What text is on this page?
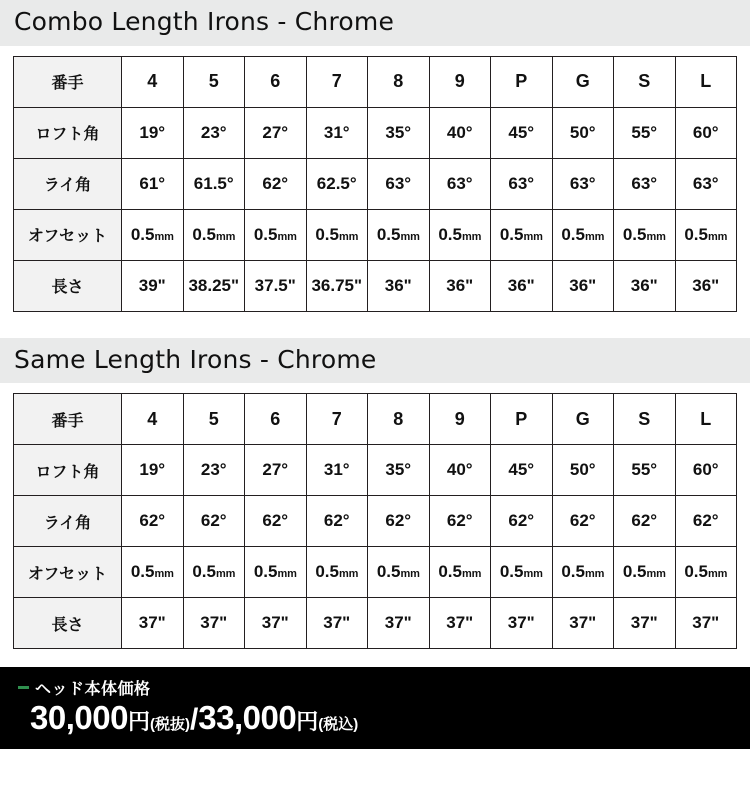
Combo Length Irons - Chrome
番手	4	5	6	7	8	9	P	G	S	L
ロフト角	19°	23°	27°	31°	35°	40°	45°	50°	55°	60°
ライ角	61°	61.5°	62°	62.5°	63°	63°	63°	63°	63°	63°
オフセット	0.5mm	0.5mm	0.5mm	0.5mm	0.5mm	0.5mm	0.5mm	0.5mm	0.5mm	0.5mm
長さ	39"	38.25"	37.5"	36.75"	36"	36"	36"	36"	36"	36"
Same Length Irons - Chrome
番手	4	5	6	7	8	9	P	G	S	L
ロフト角	19°	23°	27°	31°	35°	40°	45°	50°	55°	60°
ライ角	62°	62°	62°	62°	62°	62°	62°	62°	62°	62°
オフセット	0.5mm	0.5mm	0.5mm	0.5mm	0.5mm	0.5mm	0.5mm	0.5mm	0.5mm	0.5mm
長さ	37"	37"	37"	37"	37"	37"	37"	37"	37"	37"
ヘッド本体価格
30,000円(税抜)/33,000円(税込)
